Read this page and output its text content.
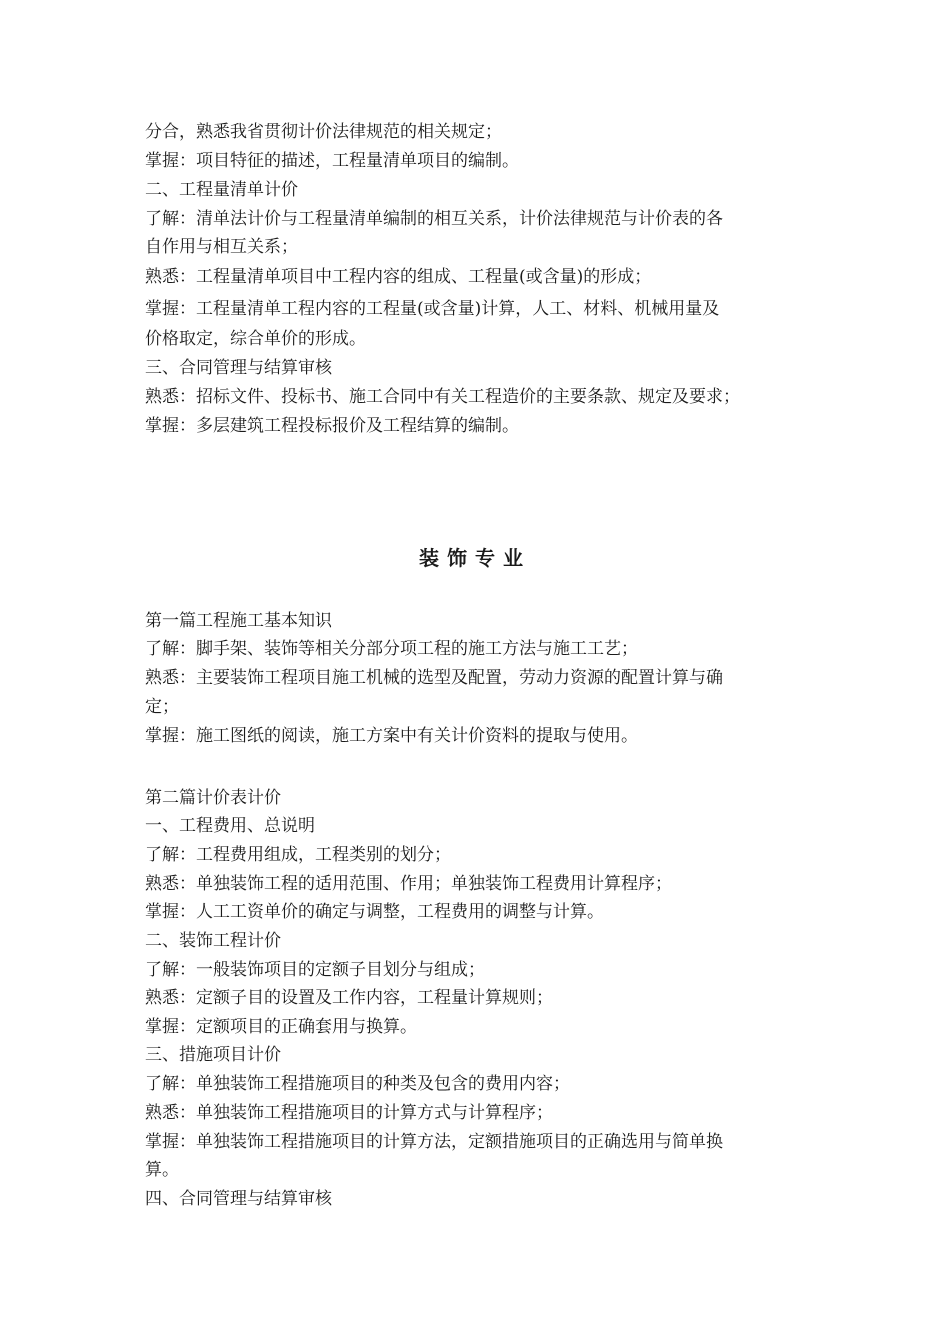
分合，熟悉我省贯彻计价法律规范的相关规定；
掌握：项目特征的描述，工程量清单项目的编制。
二、工程量清单计价
了解：清单法计价与工程量清单编制的相互关系，计价法律规范与计价表的各
自作用与相互关系；
熟悉：工程量清单项目中工程内容的组成、工程量(或含量)的形成；
掌握：工程量清单工程内容的工程量(或含量)计算，人工、材料、机械用量及
价格取定，综合单价的形成。
三、合同管理与结算审核
熟悉：招标文件、投标书、施工合同中有关工程造价的主要条款、规定及要求；
掌握：多层建筑工程投标报价及工程结算的编制。
装饰专业
第一篇工程施工基本知识
了解：脚手架、装饰等相关分部分项工程的施工方法与施工工艺；
熟悉：主要装饰工程项目施工机械的选型及配置，劳动力资源的配置计算与确
定；
掌握：施工图纸的阅读，施工方案中有关计价资料的提取与使用。
第二篇计价表计价
一、工程费用、总说明
了解：工程费用组成，工程类别的划分；
熟悉：单独装饰工程的适用范围、作用；单独装饰工程费用计算程序；
掌握：人工工资单价的确定与调整，工程费用的调整与计算。
二、装饰工程计价
了解：一般装饰项目的定额子目划分与组成；
熟悉：定额子目的设置及工作内容，工程量计算规则；
掌握：定额项目的正确套用与换算。
三、措施项目计价
了解：单独装饰工程措施项目的种类及包含的费用内容；
熟悉：单独装饰工程措施项目的计算方式与计算程序；
掌握：单独装饰工程措施项目的计算方法，定额措施项目的正确选用与简单换
算。
四、合同管理与结算审核
